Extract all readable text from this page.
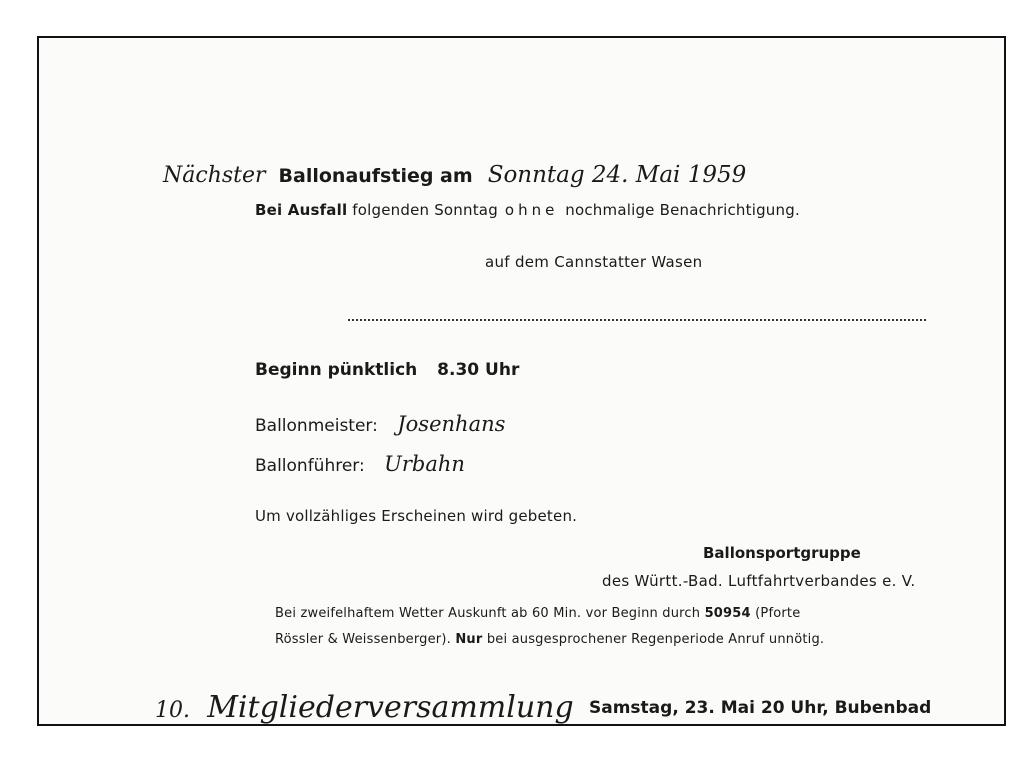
Nächster Ballonaufstieg am Sonntag 24. Mai 1959
Bei Ausfall folgenden Sonntag ohne nochmalige Benachrichtigung.
auf dem Cannstatter Wasen
Beginn pünktlich 8.30 Uhr
Ballonmeister: Josenhans
Ballonführer: Urbahn
Um vollzähliges Erscheinen wird gebeten.
Ballonsportgruppe
des Württ.-Bad. Luftfahrtverbandes e. V.
Bei zweifelhaftem Wetter Auskunft ab 60 Min. vor Beginn durch 50954 (Pforte
Rössler & Weissenberger). Nur bei ausgesprochener Regenperiode Anruf unnötig.
10. Mitgliederversammlung Samstag, 23. Mai 20 Uhr, Bubenbad
